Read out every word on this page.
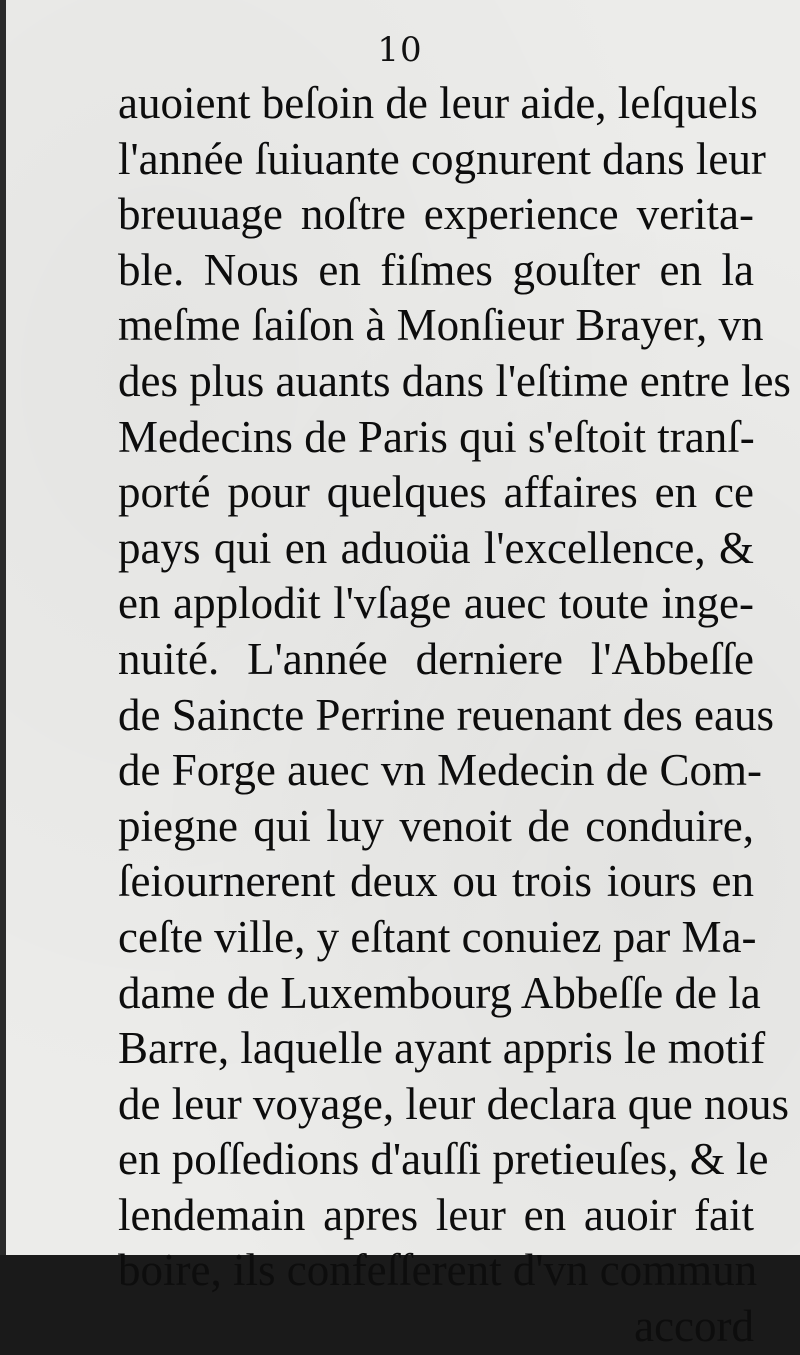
10
auoient beſoin de leur aide, leſquels
l'année ſuiuante cognurent dans leur
breuuage noſtre experience verita-
ble. Nous en fiſmes gouſter en la
meſme ſaiſon à Monſieur Brayer, vn
des plus auants dans l'eſtime entre les
Medecins de Paris qui s'eſtoit tranſ-
porté pour quelques affaires en ce
pays qui en aduoüa l'excellence, &
en applodit l'vſage auec toute inge-
nuité. L'année derniere l'Abbeſſe
de Saincte Perrine reuenant des eaus
de Forge auec vn Medecin de Com-
piegne qui luy venoit de conduire,
ſeiournerent deux ou trois iours en
ceſte ville, y eſtant conuiez par Ma-
dame de Luxembourg Abbeſſe de la
Barre, laquelle ayant appris le motif
de leur voyage, leur declara que nous
en poſſedions d'auſſi pretieuſes, & le
lendemain apres leur en auoir fait
boire, ils confeſſerent d'vn commun
accord
